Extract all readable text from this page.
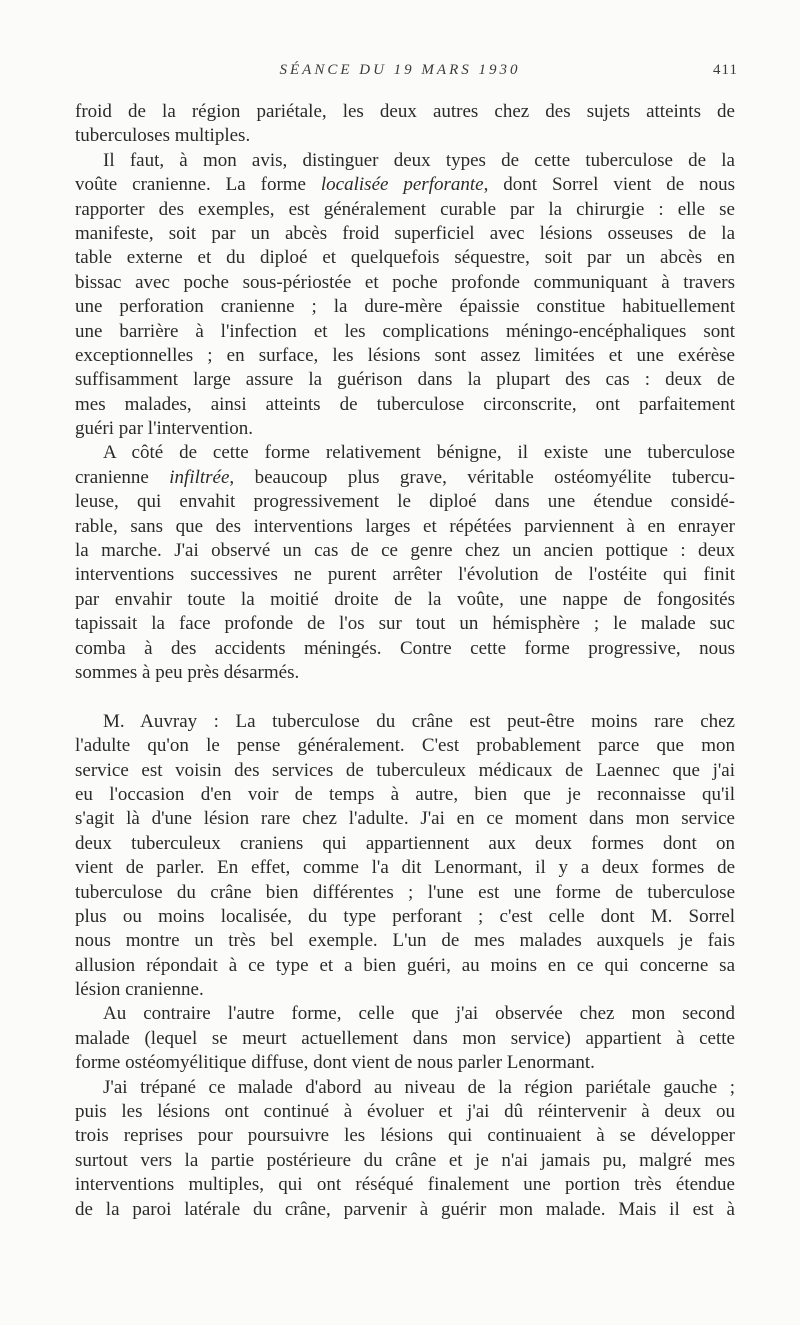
SÉANCE DU 19 MARS 1930	411
froid de la région pariétale, les deux autres chez des sujets atteints de
tuberculoses multiples.
Il faut, à mon avis, distinguer deux types de cette tuberculose de la
voûte cranienne. La forme localisée perforante, dont Sorrel vient de nous
rapporter des exemples, est généralement curable par la chirurgie : elle se
manifeste, soit par un abcès froid superficiel avec lésions osseuses de la
table externe et du diploé et quelquefois séquestre, soit par un abcès en
bissac avec poche sous-périostée et poche profonde communiquant à travers
une perforation cranienne ; la dure-mère épaissie constitue habituellement
une barrière à l'infection et les complications méningo-encéphaliques sont
exceptionnelles ; en surface, les lésions sont assez limitées et une exérèse
suffisamment large assure la guérison dans la plupart des cas : deux de
mes malades, ainsi atteints de tuberculose circonscrite, ont parfaitement
guéri par l'intervention.
A côté de cette forme relativement bénigne, il existe une tuberculose
cranienne infiltrée, beaucoup plus grave, véritable ostéomyélite tubercu-
leuse, qui envahit progressivement le diploé dans une étendue considé-
rable, sans que des interventions larges et répétées parviennent à en enrayer
la marche. J'ai observé un cas de ce genre chez un ancien pottique : deux
interventions successives ne purent arrêter l'évolution de l'ostéite qui finit
par envahir toute la moitié droite de la voûte, une nappe de fongosités
tapissait la face profonde de l'os sur tout un hémisphère ; le malade suc
comba à des accidents méningés. Contre cette forme progressive, nous
sommes à peu près désarmés.
M. Auvray : La tuberculose du crâne est peut-être moins rare chez
l'adulte qu'on le pense généralement. C'est probablement parce que mon
service est voisin des services de tuberculeux médicaux de Laennec que j'ai
eu l'occasion d'en voir de temps à autre, bien que je reconnaisse qu'il
s'agit là d'une lésion rare chez l'adulte. J'ai en ce moment dans mon service
deux tuberculeux craniens qui appartiennent aux deux formes dont on
vient de parler. En effet, comme l'a dit Lenormant, il y a deux formes de
tuberculose du crâne bien différentes ; l'une est une forme de tuberculose
plus ou moins localisée, du type perforant ; c'est celle dont M. Sorrel
nous montre un très bel exemple. L'un de mes malades auxquels je fais
allusion répondait à ce type et a bien guéri, au moins en ce qui concerne sa
lésion cranienne.
Au contraire l'autre forme, celle que j'ai observée chez mon second
malade (lequel se meurt actuellement dans mon service) appartient à cette
forme ostéomyélitique diffuse, dont vient de nous parler Lenormant.
J'ai trépané ce malade d'abord au niveau de la région pariétale gauche ;
puis les lésions ont continué à évoluer et j'ai dû réintervenir à deux ou
trois reprises pour poursuivre les lésions qui continuaient à se développer
surtout vers la partie postérieure du crâne et je n'ai jamais pu, malgré mes
interventions multiples, qui ont réséqué finalement une portion très étendue
de la paroi latérale du crâne, parvenir à guérir mon malade. Mais il est à
